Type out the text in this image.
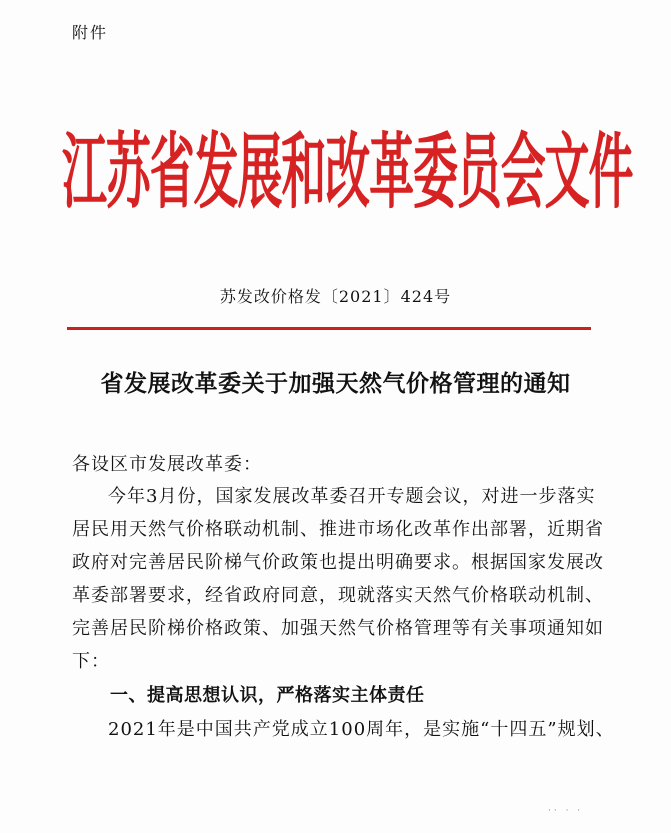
附件
江苏省发展和改革委员会文件
苏发改价格发〔2021〕424号
省发展改革委关于加强天然气价格管理的通知
各设区市发展改革委：
今年3月份，国家发展改革委召开专题会议，对进一步落实
居民用天然气价格联动机制、推进市场化改革作出部署，近期省
政府对完善居民阶梯气价政策也提出明确要求。根据国家发展改
革委部署要求，经省政府同意，现就落实天然气价格联动机制、
完善居民阶梯价格政策、加强天然气价格管理等有关事项通知如
下：
一、提高思想认识，严格落实主体责任
2021年是中国共产党成立100周年，是实施“十四五”规划、
·· · ·
